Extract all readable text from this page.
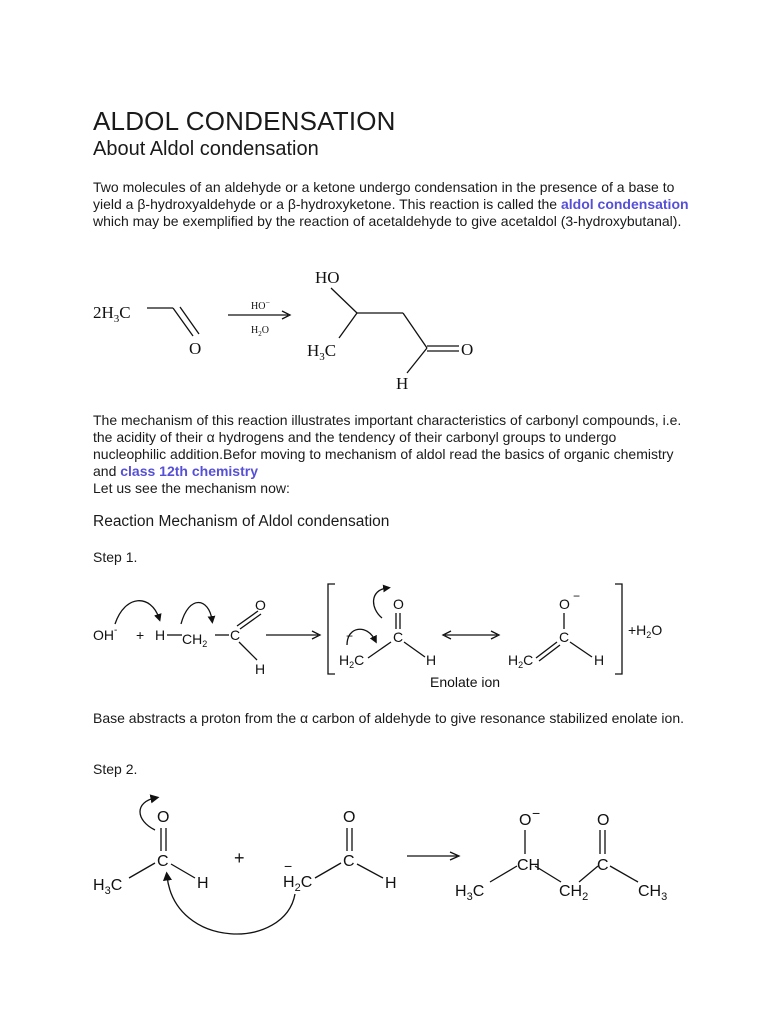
ALDOL CONDENSATION
About Aldol condensation

Two molecules of an aldehyde or a ketone undergo condensation in the presence of a base to yield a β-hydroxyaldehyde or a β-hydroxyketone. This reaction is called the aldol condensation which may be exemplified by the reaction of acetaldehyde to give acetaldol (3-hydroxybutanal).

$2H_3C$
O
HO−
$H_2O$
HO
$H_3C$	O
H

The mechanism of this reaction illustrates important characteristics of carbonyl compounds, i.e. the acidity of their α hydrogens and the tendency of their carbonyl groups to undergo nucleophilic addition.Befor moving to mechanism of aldol read the basics of organic chemistry and class 12th chemistry
Let us see the mechanism now:

Reaction Mechanism of Aldol condensation

Step 1.

OH- + H $CH_2$
C
O
H
$H_2C$
−	C
O
H	$H_2C$
C
O −
H
Enolate ion
$+H_2O$

Base abstracts a proton from the α carbon of aldehyde to give resonance stabilized enolate ion.

Step 2.

$H_3C$
C
O
H
+
$H_2C$
−	C
O
H	$H_3C$
CH
O −
$CH_2$
C
O
$CH_3$
